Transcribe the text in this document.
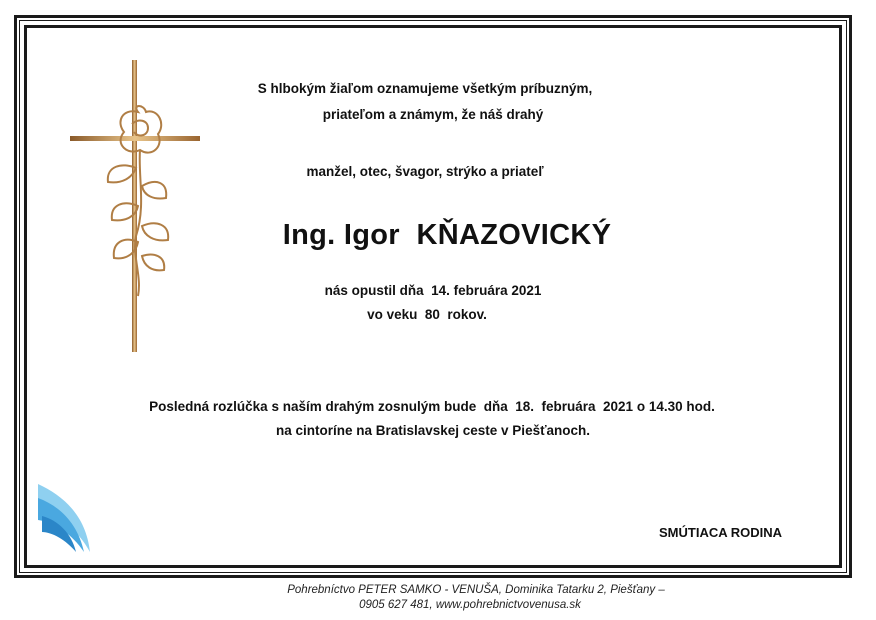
S hlbokým žiaľom oznamujeme všetkým príbuzným,
priateľom a známym, že náš drahý
manžel, otec, švagor, strýko a priateľ
Ing. Igor  KŇAZOVICKÝ
nás opustil dňa  14. februára 2021
vo veku  80  rokov.
Posledná rozlúčka s naším drahým zosnulým bude  dňa  18.  februára  2021 o 14.30 hod.
na cintoríne na Bratislavskej ceste v Piešťanoch.
SMÚTIACA RODINA
Pohrebníctvo PETER SAMKO - VENUŠA, Dominika Tatarku 2, Piešťany –
0905 627 481, www.pohrebnictvovenusa.sk
